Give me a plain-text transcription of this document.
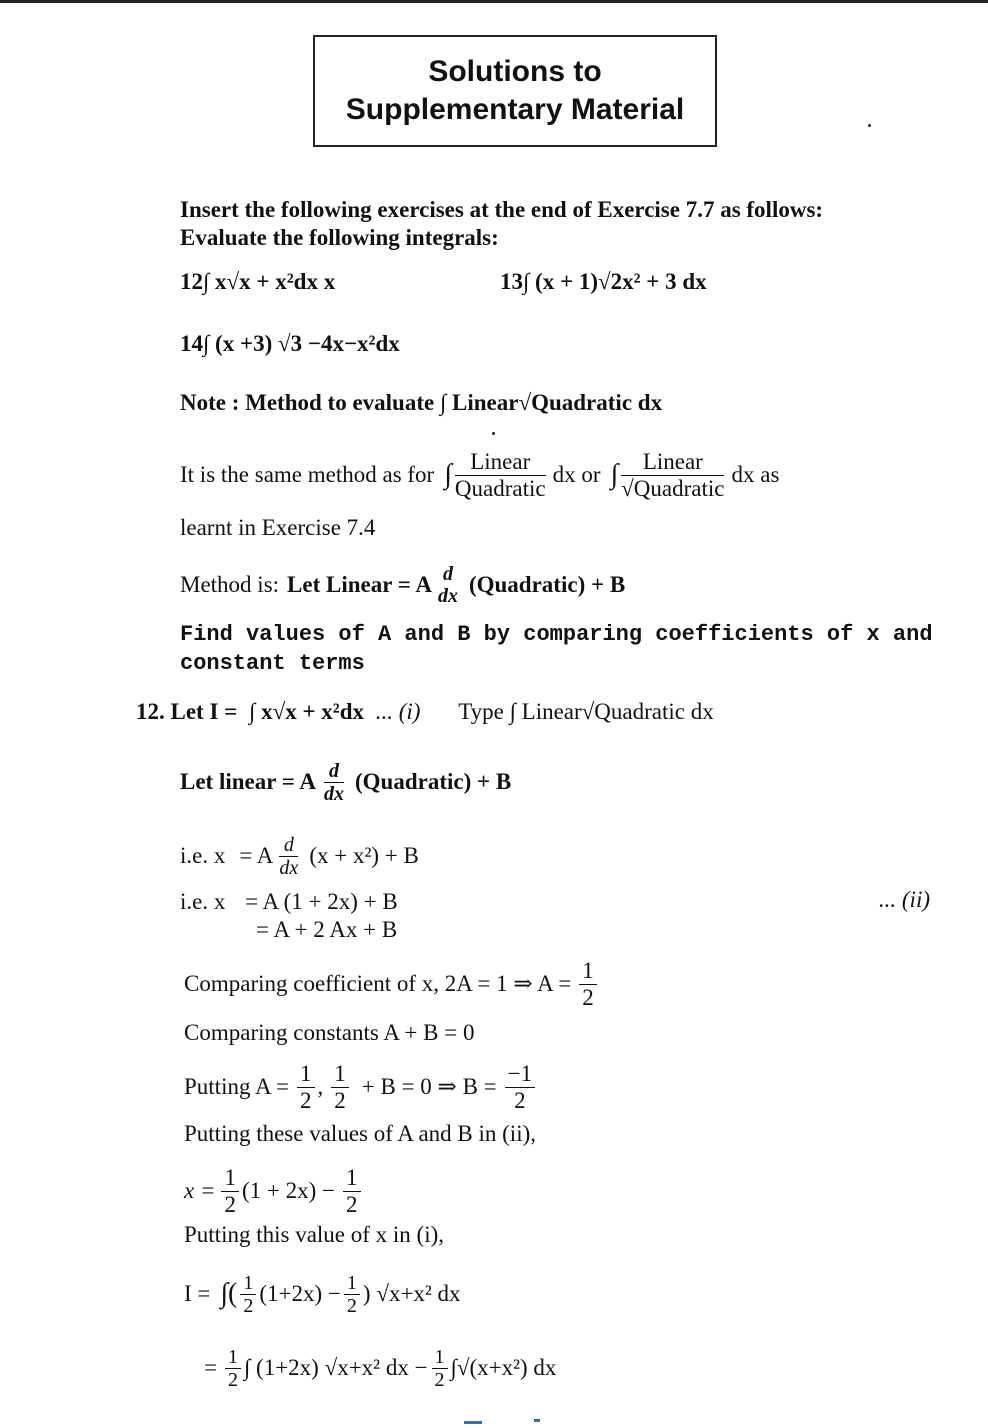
Solutions to
Supplementary Material
Insert the following exercises at the end of Exercise 7.7 as follows:
Evaluate the following integrals:
12∫ x√x + x²dx x	13∫ (x + 1)√2x² + 3 dx
14∫ (x +3) √3 −4x−x²dx
Note : Method to evaluate ∫ Linear√Quadratic dx
It is the same method as for ∫ $\frac{\text{Linear}}{\text{Quadratic}}$ dx or ∫ $\frac{\text{Linear}}{\text{√Quadratic}}$ dx as
learnt in Exercise 7.4
Method is: Let Linear = A d
dx (Quadratic) + B
Find values of A and B by comparing coefficients of x and
constant terms
12. Let I = ∫ x√x + x²dx ... (i) Type ∫ Linear√Quadratic dx
Let linear = A $\frac{d}{dx}$ (Quadratic) + B
i.e. x = A $\frac{d}{dx} (x + x^2) + B$
i.e. x = A (1 + 2x) + B	... (ii)
= A + 2 Ax + B
Comparing coefficient of x, 2A = 1 ⇒ $A = \frac{1}{2}$
Comparing constants A + B = 0
Putting $A = \frac{1}{2}$ , $\frac{1}{2} + B = 0$ ⇒ $B = \frac{-1}{2}$
Putting these values of A and B in (ii),
$x = \frac{1}{2} (1 + 2x) - \frac{1}{2}$
Putting this value of x in (i),
I = ∫( $\frac{1}{2} (1+2x) - \frac{1}{2}$ ) √x+x² dx
= $\frac{1}{2}$ ∫ (1+2x) √x+x² dx − $\frac{1}{2} \int√(x+x^2)$ dx
